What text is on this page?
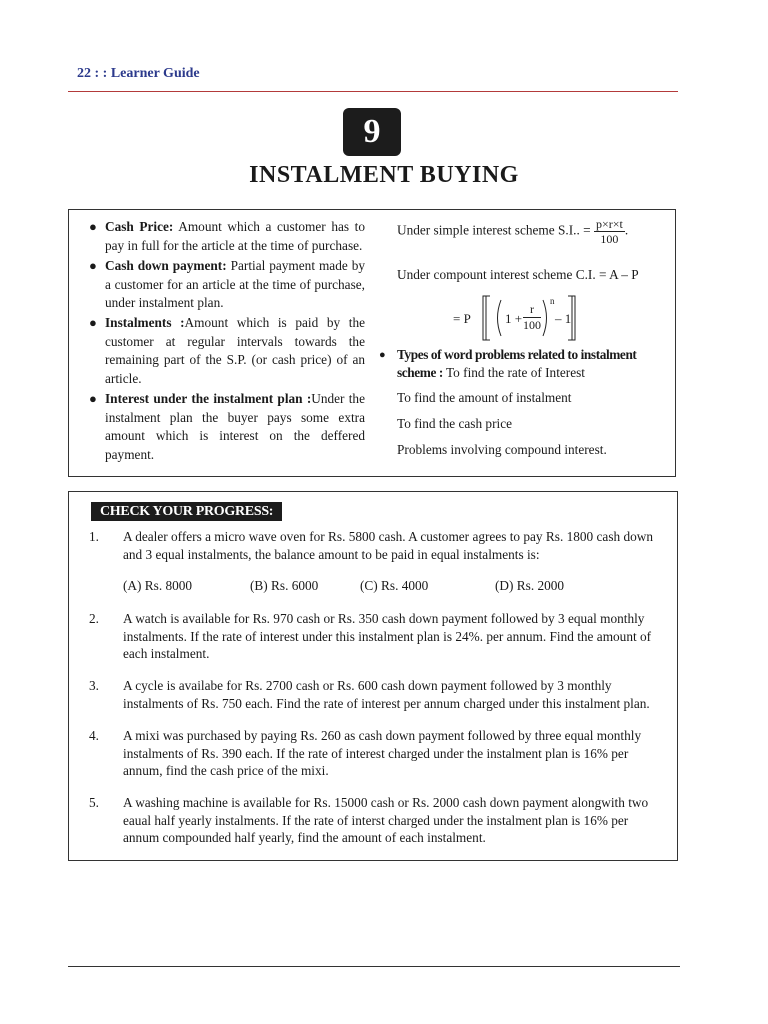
22 : : Learner Guide
9
INSTALMENT BUYING
● Cash Price: Amount which a customer has to pay in full for the article at the time of purchase.
● Cash down payment: Partial payment made by a customer for an article at the time of purchase, under instalment plan.
● Instalments :Amount which is paid by the customer at regular intervals towards the remaining part of the S.P. (or cash price) of an article.
● Interest under the instalment plan :Under the instalment plan the buyer pays some extra amount which is interest on the deffered payment.
Under simple interest scheme S.I.. = $\frac{p\times r\times t}{100}$ .
Under compount interest scheme C.I. = A – P
= P	1 +
r
100
n
– 1
● Types of word problems related to instalment scheme : To find the rate of Interest
To find the amount of instalment
To find the cash price
Problems involving compound interest.
CHECK YOUR PROGRESS:
1. A dealer offers a micro wave oven for Rs. 5800 cash. A customer agrees to pay Rs. 1800 cash down and 3 equal instalments, the balance amount to be paid in equal instalments is:
(A) Rs. 8000	(B) Rs. 6000	(C) Rs. 4000	(D) Rs. 2000
2. A watch is available for Rs. 970 cash or Rs. 350 cash down payment followed by 3 equal monthly instalments. If the rate of interest under this instalment plan is 24%. per annum. Find the amount of each instalment.
3. A cycle is availabe for Rs. 2700 cash or Rs. 600 cash down payment followed by 3 monthly instalments of Rs. 750 each. Find the rate of interest per annum charged under this instalment plan.
4. A mixi was purchased by paying Rs. 260 as cash down payment followed by three equal monthly instalments of Rs. 390 each. If the rate of interest charged under the instalment plan is 16% per annum, find the cash price of the mixi.
5. A washing machine is available for Rs. 15000 cash or Rs. 2000 cash down payment alongwith two eaual half yearly instalments. If the rate of interst charged under the instalment plan is 16% per annum compounded half yearly, find the amount of each instalment.
